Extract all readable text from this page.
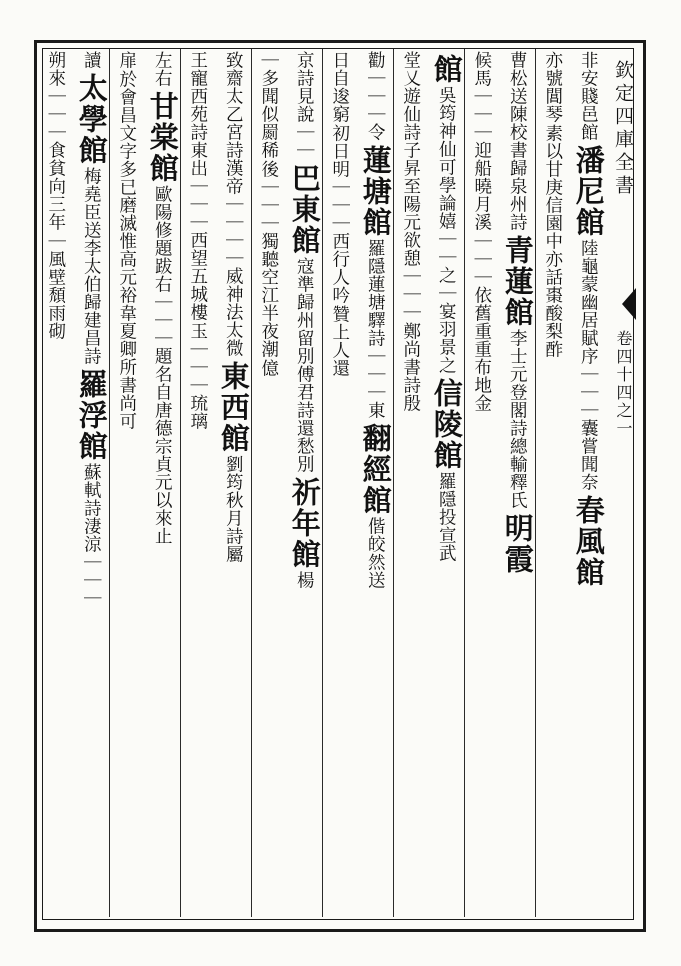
欽定四庫全書
卷四十四之一
非安賤邑館
潘尼館
陸龜蒙幽居賦序｜｜｜囊嘗聞奈
春風館
亦號閶琴
素以甘庚信園中亦話棗酸梨酢
曹松送陳校書歸泉州詩
青蓮館
李士元登閣詩總輸釋氏
明霞
候馬｜｜｜迎船曉月溪
｜｜｜依舊重重布地金
館
吳筠神仙可學論嬉｜｜之｜宴羽景之
信陵館
羅隱投宣武
堂乂遊仙詩子昇至陽元欲憩｜｜｜
鄭尚書詩殷
勸｜｜｜令
蓮塘館
羅隱蓮塘驛詩｜｜｜東
翻經館
偕皎然送
日自逡窮
初日明｜｜｜西行人吟
贊上人還
京詩見說｜｜
巴東館
寇準歸州留別傅君詩還愁別
祈年館
楊
｜多聞似罽稀
後｜｜｜獨聽空江半夜潮
億
致齋太乙宮詩漢帝｜｜｜｜威神法太微
東西館
劉筠秋月詩屬
王寵西苑詩東出｜｜｜西望五城樓
玉｜｜｜琉璃
左右
甘棠館
歐陽修題跋右｜｜｜題名自唐德宗貞元以來止
扉
於會昌文字多已磨滅惟高元裕韋夏卿所書尚可
讀
太學館
梅堯臣送李太伯歸建昌詩
羅浮館
蘇軾詩淒涼｜｜｜
朔來｜｜｜食貧向三年
｜風壁頹雨砌
